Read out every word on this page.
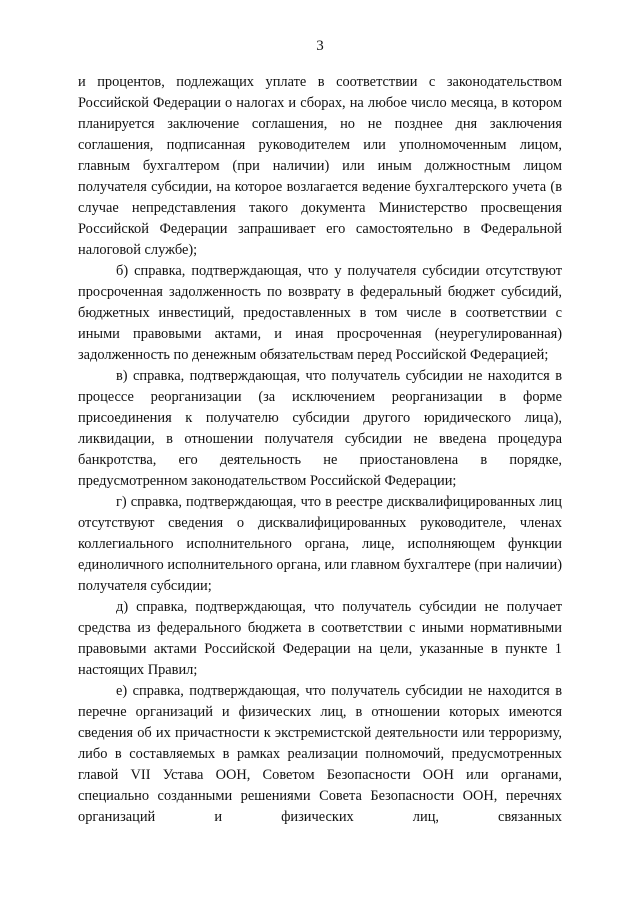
3

и процентов, подлежащих уплате в соответствии с законодательством Российской Федерации о налогах и сборах, на любое число месяца, в котором планируется заключение соглашения, но не позднее дня заключения соглашения, подписанная руководителем или уполномоченным лицом, главным бухгалтером (при наличии) или иным должностным лицом получателя субсидии, на которое возлагается ведение бухгалтерского учета (в случае непредставления такого документа Министерство просвещения Российской Федерации запрашивает его самостоятельно в Федеральной налоговой службе);

б) справка, подтверждающая, что у получателя субсидии отсутствуют просроченная задолженность по возврату в федеральный бюджет субсидий, бюджетных инвестиций, предоставленных в том числе в соответствии с иными правовыми актами, и иная просроченная (неурегулированная) задолженность по денежным обязательствам перед Российской Федерацией;

в) справка, подтверждающая, что получатель субсидии не находится в процессе реорганизации (за исключением реорганизации в форме присоединения к получателю субсидии другого юридического лица), ликвидации, в отношении получателя субсидии не введена процедура банкротства, его деятельность не приостановлена в порядке, предусмотренном законодательством Российской Федерации;

г) справка, подтверждающая, что в реестре дисквалифицированных лиц отсутствуют сведения о дисквалифицированных руководителе, членах коллегиального исполнительного органа, лице, исполняющем функции единоличного исполнительного органа, или главном бухгалтере (при наличии) получателя субсидии;

д) справка, подтверждающая, что получатель субсидии не получает средства из федерального бюджета в соответствии с иными нормативными правовыми актами Российской Федерации на цели, указанные в пункте 1 настоящих Правил;

е) справка, подтверждающая, что получатель субсидии не находится в перечне организаций и физических лиц, в отношении которых имеются сведения об их причастности к экстремистской деятельности или терроризму, либо в составляемых в рамках реализации полномочий, предусмотренных главой VII Устава ООН, Советом Безопасности ООН или органами, специально созданными решениями Совета Безопасности ООН, перечнях организаций и физических лиц, связанных
